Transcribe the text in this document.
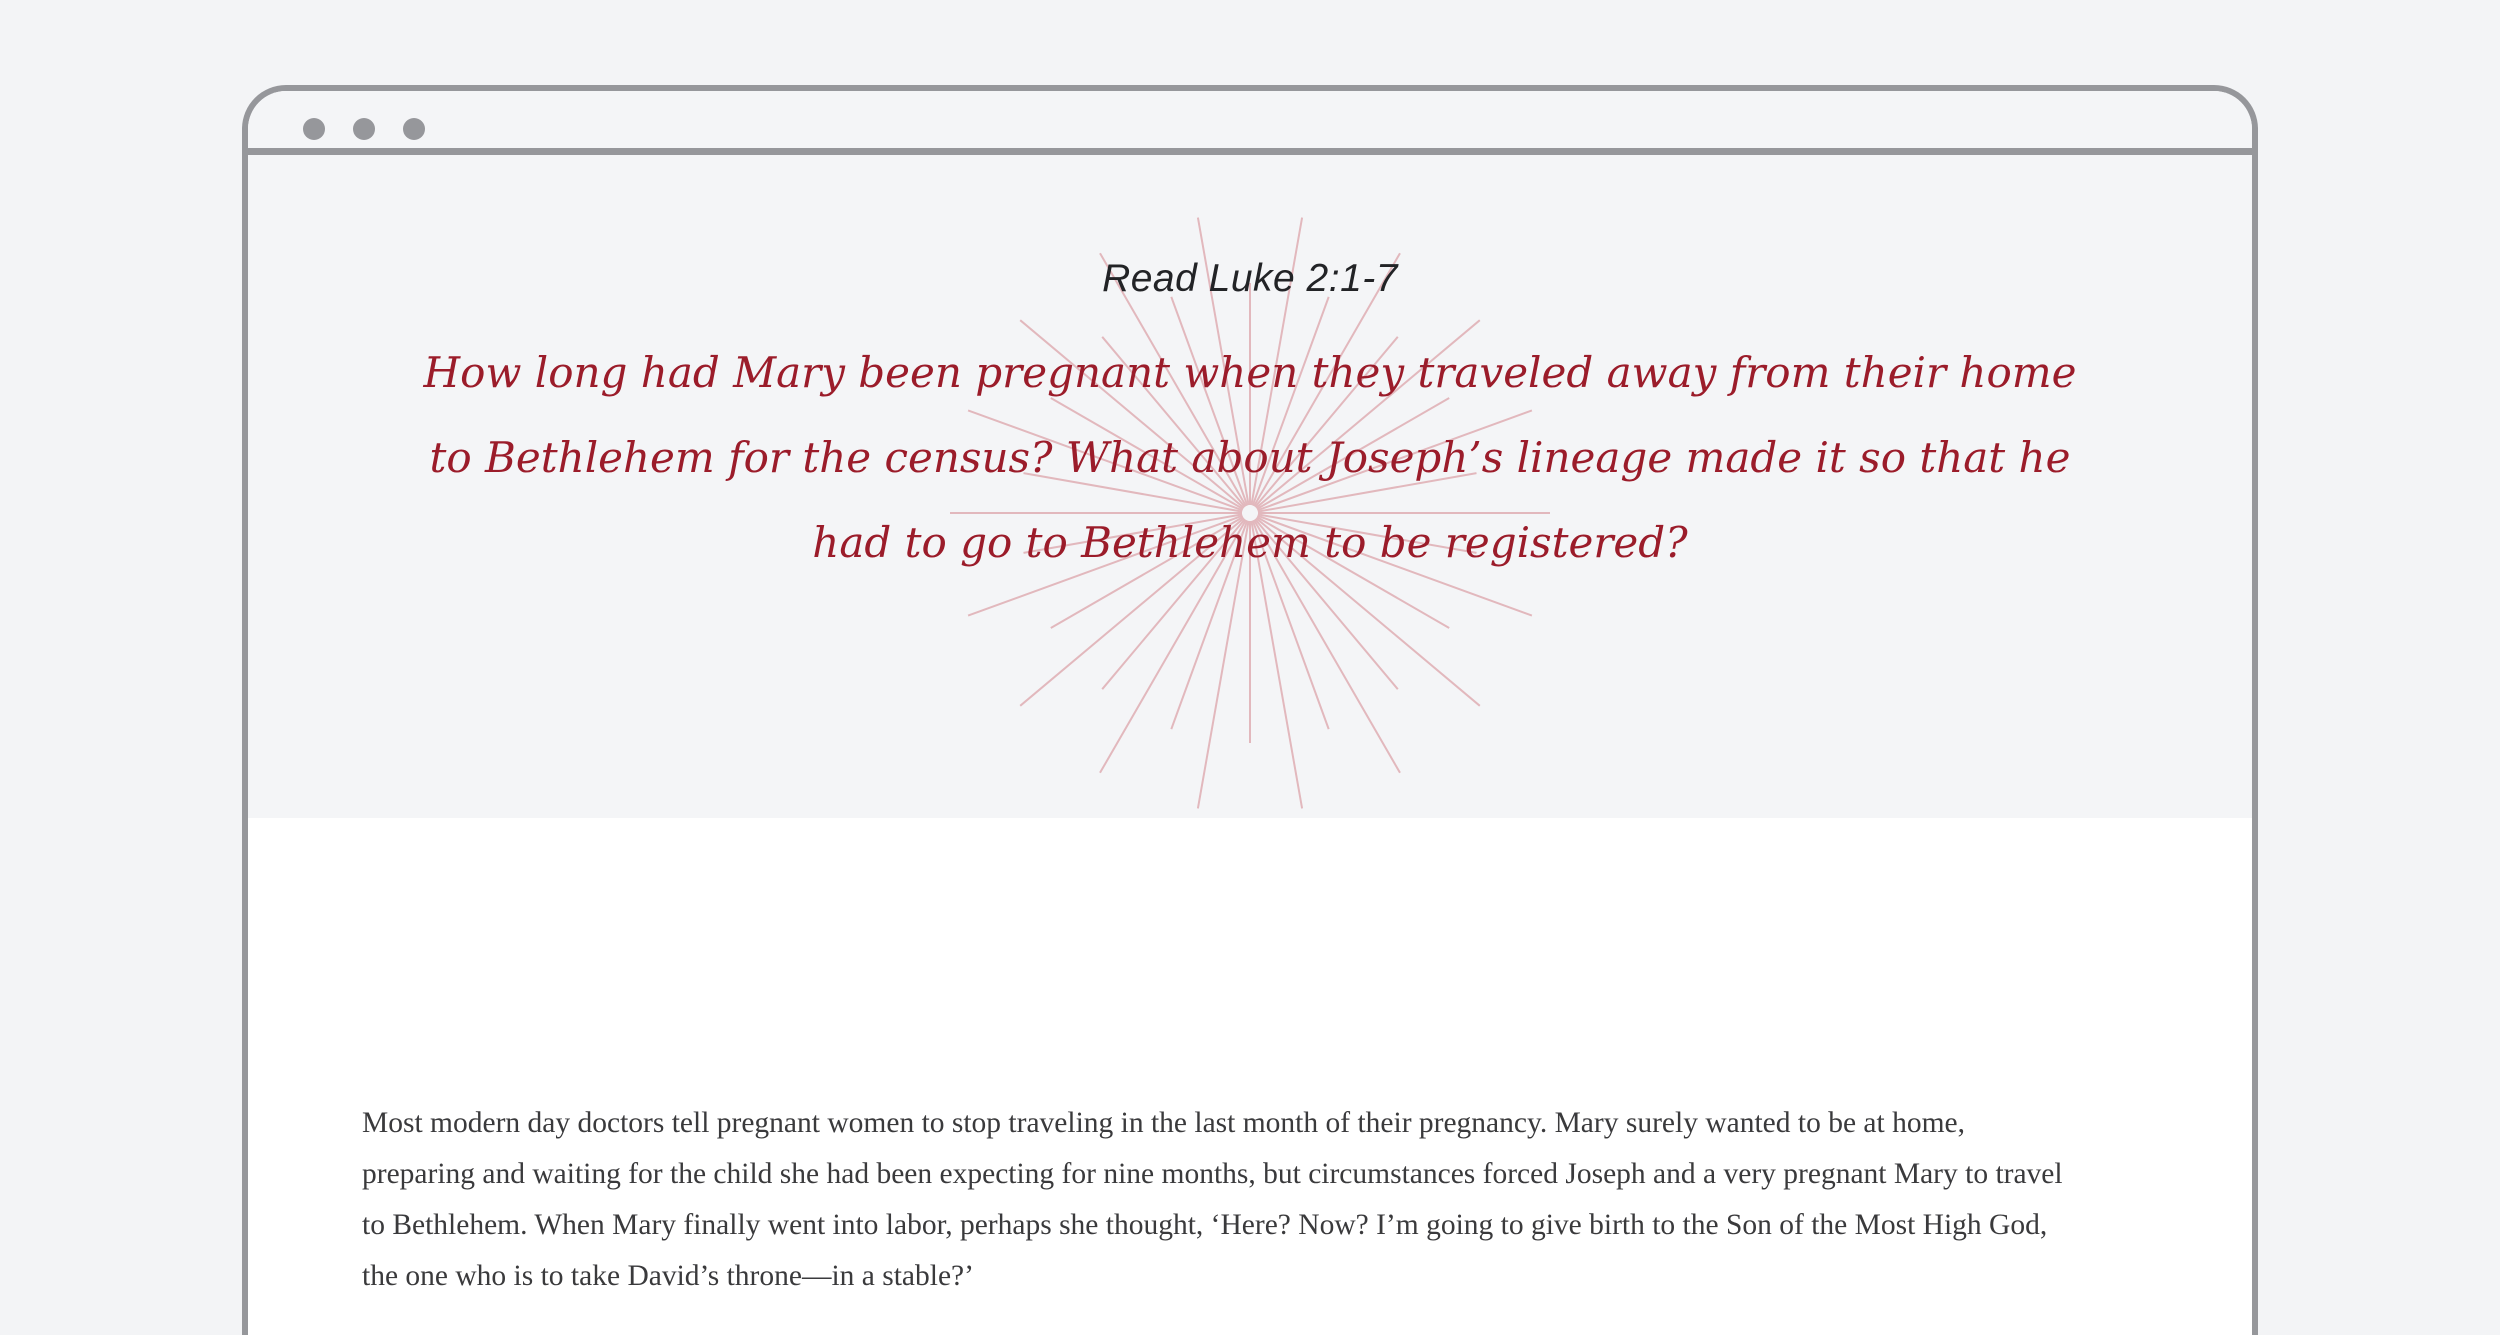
Read Luke 2:1-7

How long had Mary been pregnant when they traveled away from their home to Bethlehem for the census? What about Joseph’s lineage made it so that he had to go to Bethlehem to be registered?

Most modern day doctors tell pregnant women to stop traveling in the last month of their pregnancy. Mary surely wanted to be at home, preparing and waiting for the child she had been expecting for nine months, but circumstances forced Joseph and a very pregnant Mary to travel to Bethlehem. When Mary finally went into labor, perhaps she thought, ‘Here? Now? I’m going to give birth to the Son of the Most High God, the one who is to take David’s throne—in a stable?’
